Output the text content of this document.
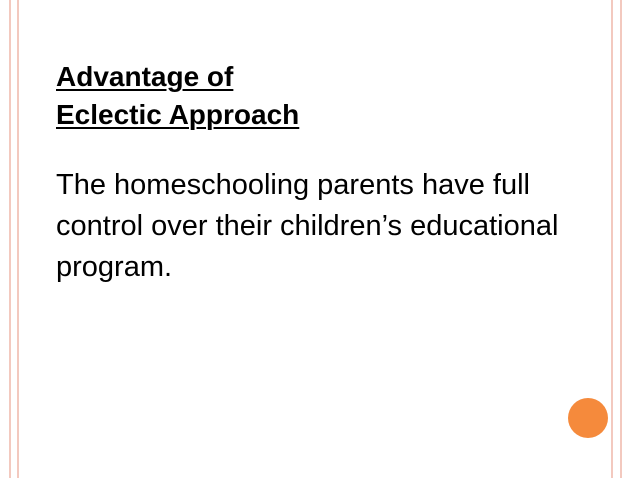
Advantage of
Eclectic Approach
The homeschooling parents have full control over their children’s educational program.
